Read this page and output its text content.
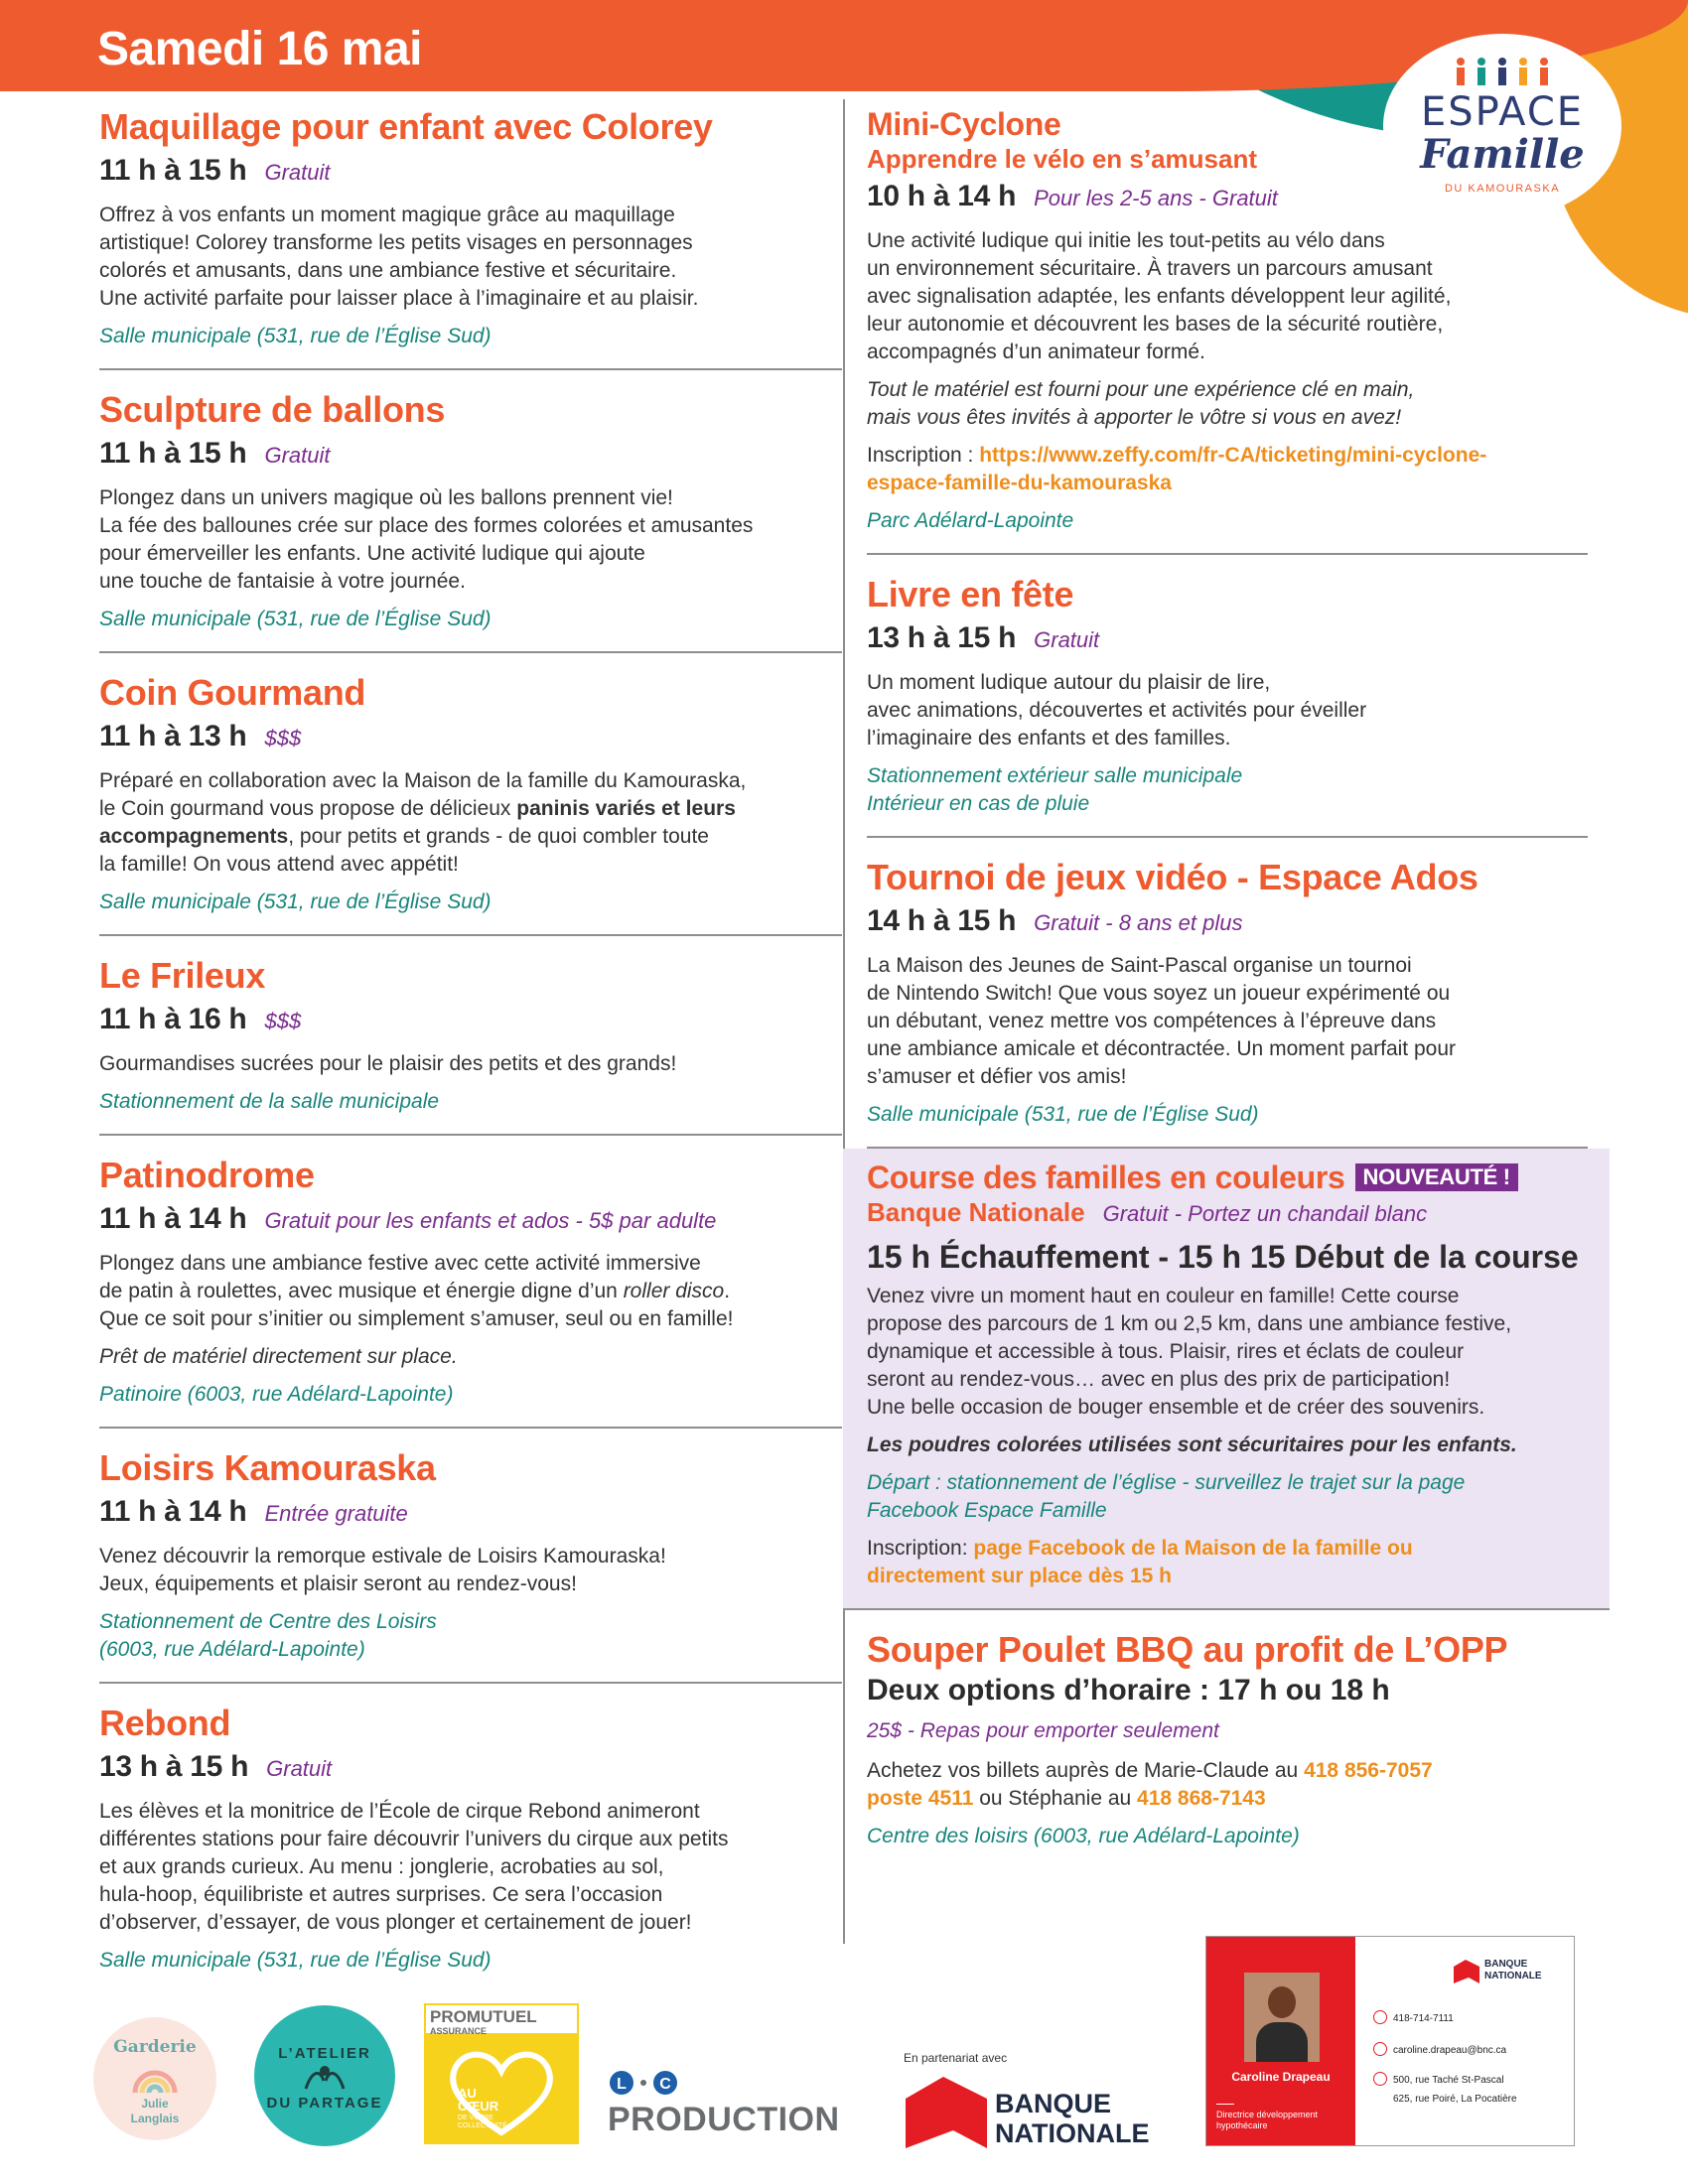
Samedi 16 mai
ESPACE
Famille
DU KAMOURASKA
Maquillage pour enfant avec Colorey
11 h à 15 h Gratuit
Offrez à vos enfants un moment magique grâce au maquillage
artistique! Colorey transforme les petits visages en personnages
colorés et amusants, dans une ambiance festive et sécuritaire.
Une activité parfaite pour laisser place à l’imaginaire et au plaisir.
Salle municipale (531, rue de l’Église Sud)
Sculpture de ballons
11 h à 15 h Gratuit
Plongez dans un univers magique où les ballons prennent vie!
La fée des ballounes crée sur place des formes colorées et amusantes
pour émerveiller les enfants. Une activité ludique qui ajoute
une touche de fantaisie à votre journée.
Salle municipale (531, rue de l’Église Sud)
Coin Gourmand
11 h à 13 h $$$
Préparé en collaboration avec la Maison de la famille du Kamouraska,
le Coin gourmand vous propose de délicieux paninis variés et leurs
accompagnements, pour petits et grands - de quoi combler toute
la famille! On vous attend avec appétit!
Salle municipale (531, rue de l’Église Sud)
Le Frileux
11 h à 16 h $$$
Gourmandises sucrées pour le plaisir des petits et des grands!
Stationnement de la salle municipale
Patinodrome
11 h à 14 h Gratuit pour les enfants et ados - 5$ par adulte
Plongez dans une ambiance festive avec cette activité immersive
de patin à roulettes, avec musique et énergie digne d’un roller disco.
Que ce soit pour s’initier ou simplement s’amuser, seul ou en famille!
Prêt de matériel directement sur place.
Patinoire (6003, rue Adélard-Lapointe)
Loisirs Kamouraska
11 h à 14 h Entrée gratuite
Venez découvrir la remorque estivale de Loisirs Kamouraska!
Jeux, équipements et plaisir seront au rendez-vous!
Stationnement de Centre des Loisirs
(6003, rue Adélard-Lapointe)
Rebond
13 h à 15 h Gratuit
Les élèves et la monitrice de l’École de cirque Rebond animeront
différentes stations pour faire découvrir l’univers du cirque aux petits
et aux grands curieux. Au menu : jonglerie, acrobaties au sol,
hula-hoop, équilibriste et autres surprises. Ce sera l’occasion
d’observer, d’essayer, de vous plonger et certainement de jouer!
Salle municipale (531, rue de l’Église Sud)
Mini-Cyclone
Apprendre le vélo en s’amusant
10 h à 14 h Pour les 2-5 ans - Gratuit
Une activité ludique qui initie les tout-petits au vélo dans
un environnement sécuritaire. À travers un parcours amusant
avec signalisation adaptée, les enfants développent leur agilité,
leur autonomie et découvrent les bases de la sécurité routière,
accompagnés d’un animateur formé.
Tout le matériel est fourni pour une expérience clé en main,
mais vous êtes invités à apporter le vôtre si vous en avez!
Inscription : https://www.zeffy.com/fr-CA/ticketing/mini-cyclone-
espace-famille-du-kamouraska
Parc Adélard-Lapointe
Livre en fête
13 h à 15 h Gratuit
Un moment ludique autour du plaisir de lire,
avec animations, découvertes et activités pour éveiller
l’imaginaire des enfants et des familles.
Stationnement extérieur salle municipale
Intérieur en cas de pluie
Tournoi de jeux vidéo - Espace Ados
14 h à 15 h Gratuit - 8 ans et plus
La Maison des Jeunes de Saint-Pascal organise un tournoi
de Nintendo Switch! Que vous soyez un joueur expérimenté ou
un débutant, venez mettre vos compétences à l’épreuve dans
une ambiance amicale et décontractée. Un moment parfait pour
s’amuser et défier vos amis!
Salle municipale (531, rue de l’Église Sud)
Course des familles en couleurs NOUVEAUTÉ !
Banque Nationale Gratuit - Portez un chandail blanc
15 h Échauffement - 15 h 15 Début de la course
Venez vivre un moment haut en couleur en famille! Cette course
propose des parcours de 1 km ou 2,5 km, dans une ambiance festive,
dynamique et accessible à tous. Plaisir, rires et éclats de couleur
seront au rendez-vous… avec en plus des prix de participation!
Une belle occasion de bouger ensemble et de créer des souvenirs.
Les poudres colorées utilisées sont sécuritaires pour les enfants.
Départ : stationnement de l’église - surveillez le trajet sur la page
Facebook Espace Famille
Inscription: page Facebook de la Maison de la famille ou
directement sur place dès 15 h
Souper Poulet BBQ au profit de L’OPP
Deux options d’horaire : 17 h ou 18 h
25$ - Repas pour emporter seulement
Achetez vos billets auprès de Marie-Claude au 418 856-7057
poste 4511 ou Stéphanie au 418 868-7143
Centre des loisirs (6003, rue Adélard-Lapointe)
Garderie
Julie
Langlais
L’ATELIER
DU PARTAGE
PROMUTUEL
ASSURANCE
AU
CŒUR
DE VOTRE
COLLECTIVITÉ
L C
PRODUCTION
En partenariat avec
BANQUE
NATIONALE
Caroline Drapeau
Directrice développement
hypothécaire
BANQUE
NATIONALE
418-714-7111
caroline.drapeau@bnc.ca
500, rue Taché St-Pascal
625, rue Poiré, La Pocatière
